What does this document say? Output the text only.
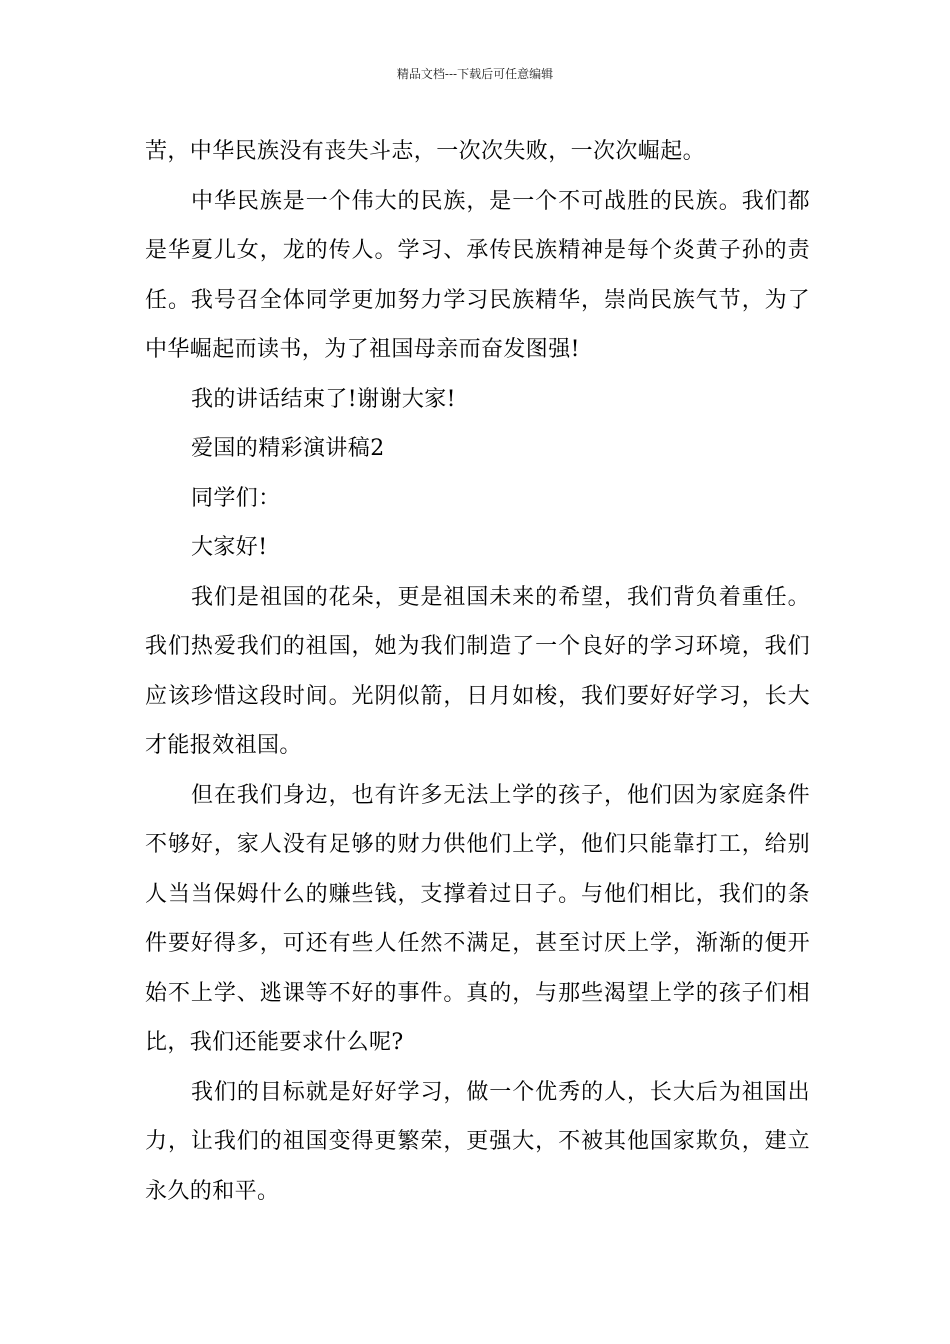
精品文档---下载后可任意编辑

苦，中华民族没有丧失斗志，一次次失败，一次次崛起。

中华民族是一个伟大的民族，是一个不可战胜的民族。我们都是华夏儿女，龙的传人。学习、承传民族精神是每个炎黄子孙的责任。我号召全体同学更加努力学习民族精华，崇尚民族气节，为了中华崛起而读书，为了祖国母亲而奋发图强!

我的讲话结束了!谢谢大家!

爱国的精彩演讲稿2

同学们：

大家好!

我们是祖国的花朵，更是祖国未来的希望，我们背负着重任。我们热爱我们的祖国，她为我们制造了一个良好的学习环境，我们应该珍惜这段时间。光阴似箭，日月如梭，我们要好好学习，长大才能报效祖国。

但在我们身边，也有许多无法上学的孩子，他们因为家庭条件不够好，家人没有足够的财力供他们上学，他们只能靠打工，给别人当当保姆什么的赚些钱，支撑着过日子。与他们相比，我们的条件要好得多，可还有些人任然不满足，甚至讨厌上学，渐渐的便开始不上学、逃课等不好的事件。真的，与那些渴望上学的孩子们相比，我们还能要求什么呢?

我们的目标就是好好学习，做一个优秀的人，长大后为祖国出力，让我们的祖国变得更繁荣，更强大，不被其他国家欺负，建立永久的和平。
